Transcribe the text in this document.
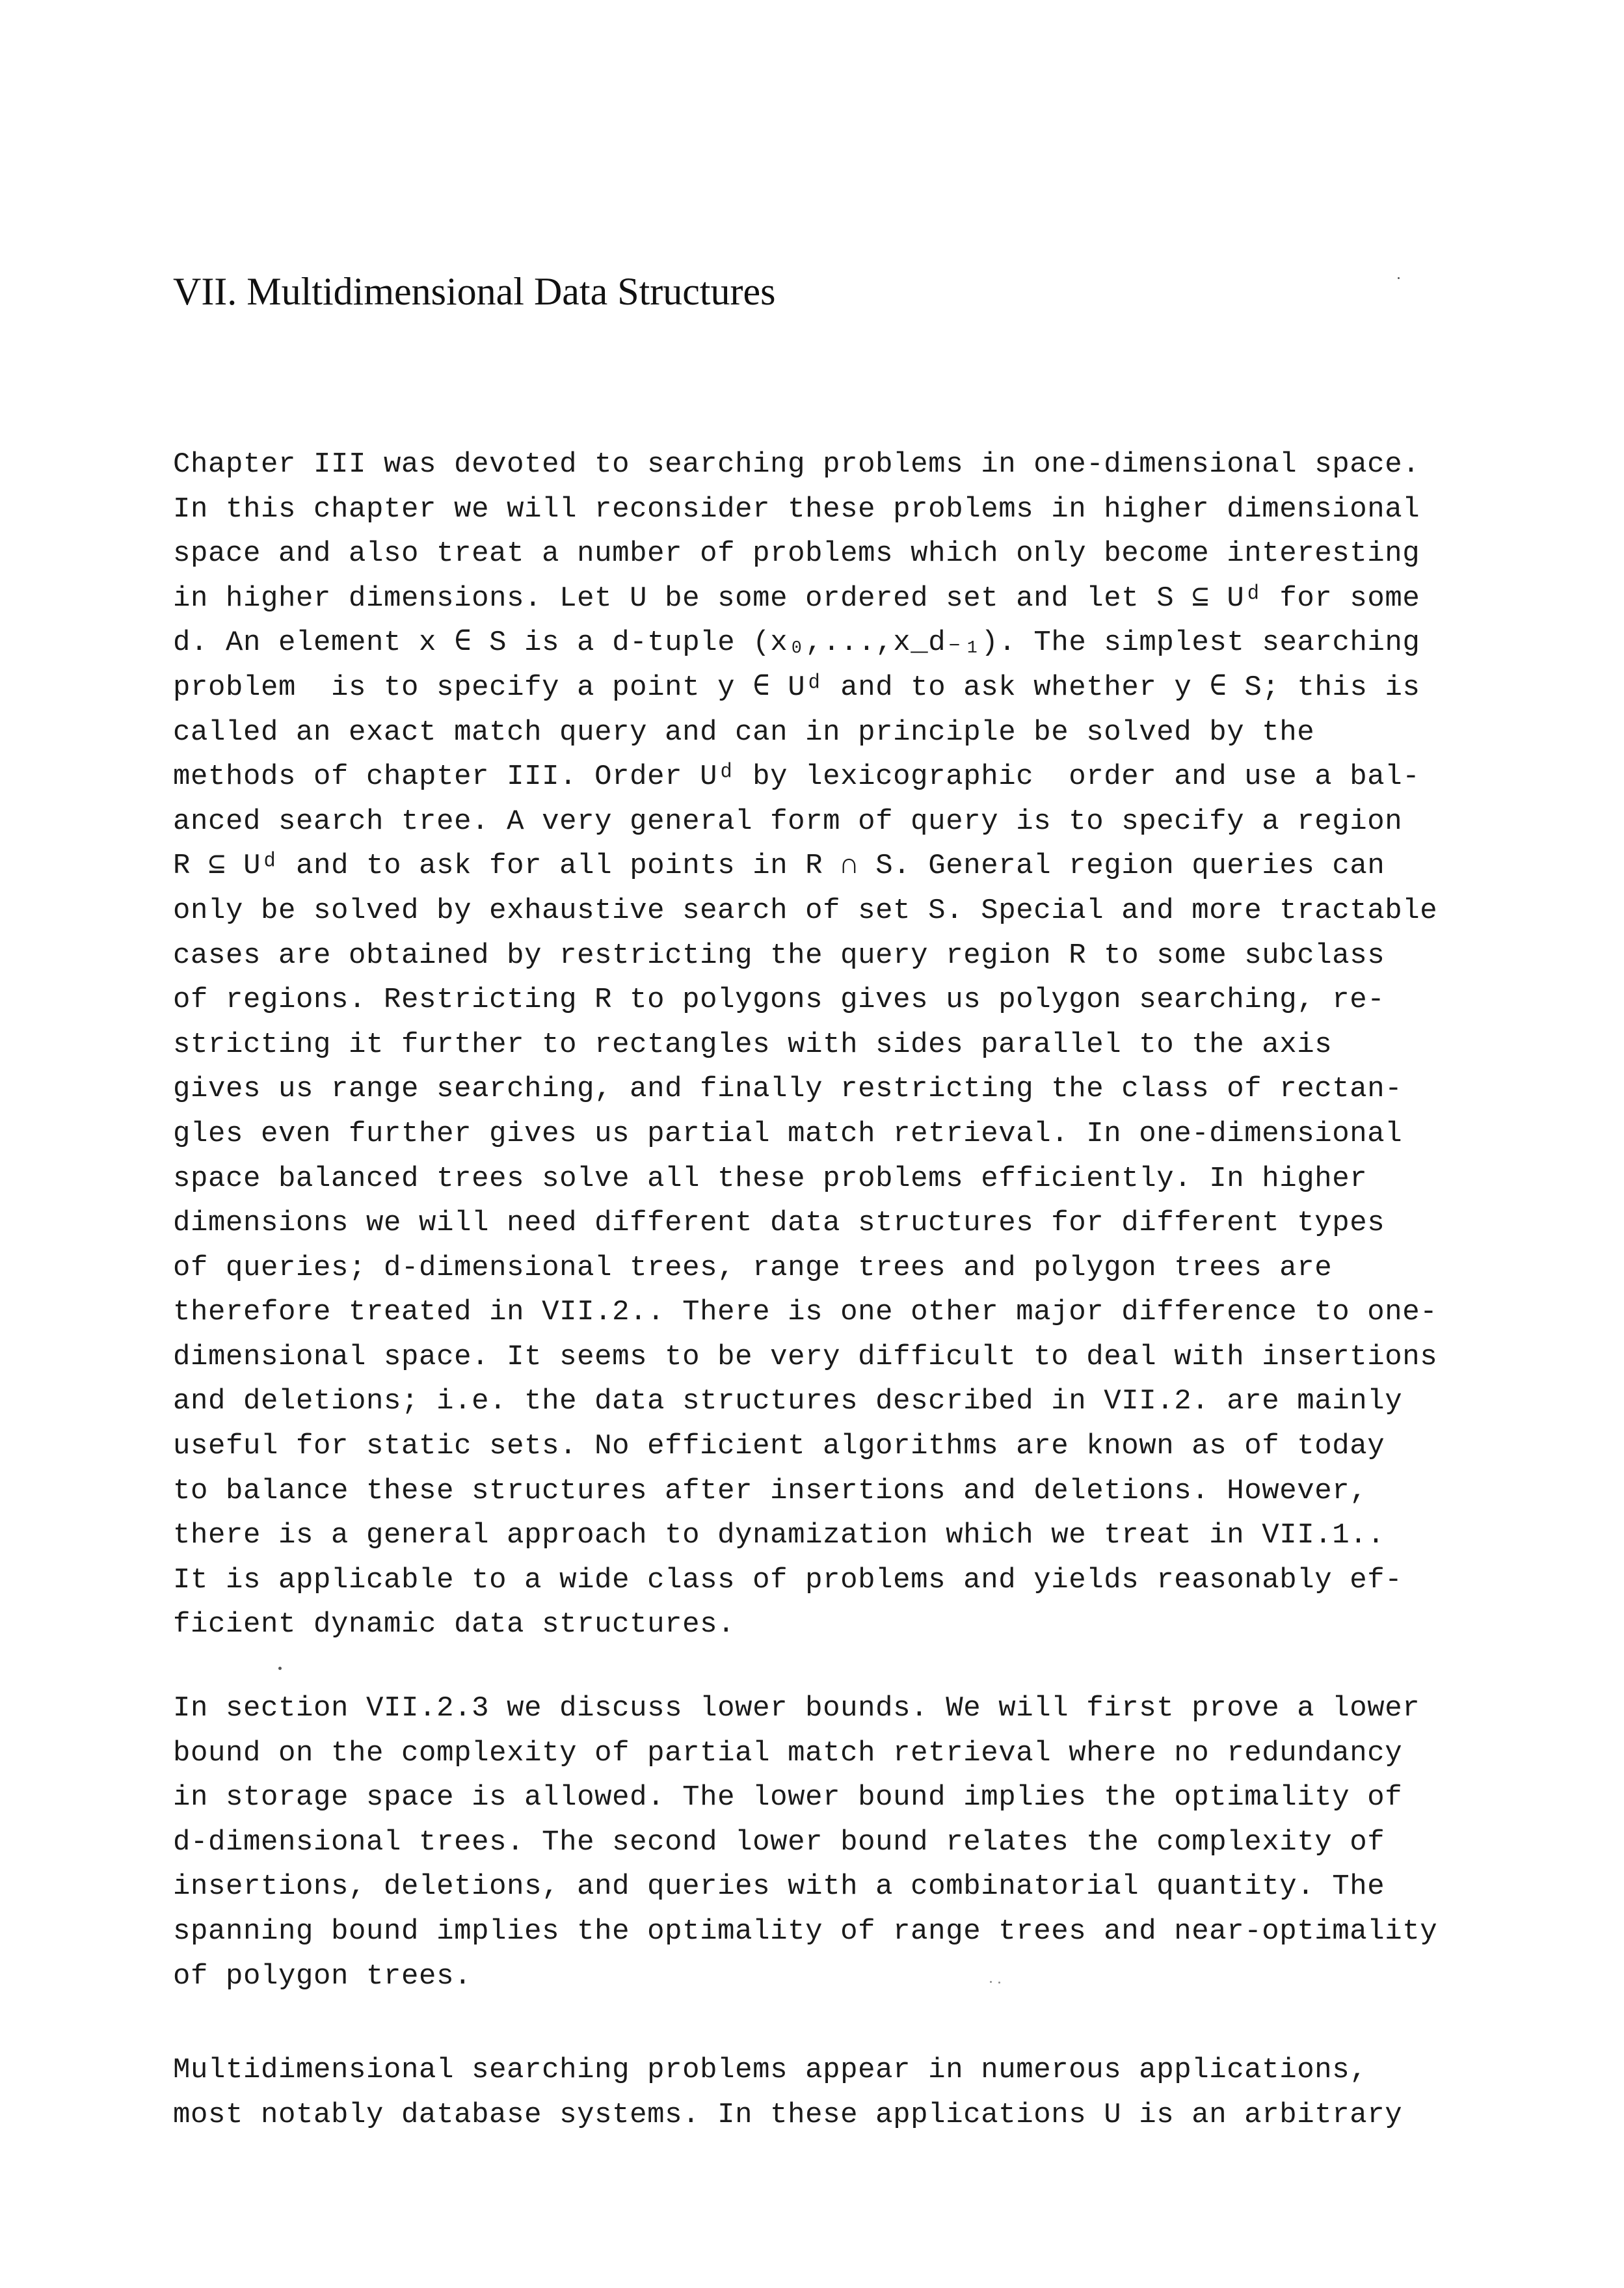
VII. Multidimensional Data Structures
Chapter III was devoted to searching problems in one-dimensional space.
In this chapter we will reconsider these problems in higher dimensional
space and also treat a number of problems which only become interesting
in higher dimensions. Let U be some ordered set and let S ⊆ Uᵈ for some
d. An element x ∈ S is a d-tuple (x₀,...,x_d₋₁). The simplest searching
problem  is to specify a point y ∈ Uᵈ and to ask whether y ∈ S; this is
called an exact match query and can in principle be solved by the
methods of chapter III. Order Uᵈ by lexicographic  order and use a bal-
anced search tree. A very general form of query is to specify a region
R ⊆ Uᵈ and to ask for all points in R ∩ S. General region queries can
only be solved by exhaustive search of set S. Special and more tractable
cases are obtained by restricting the query region R to some subclass
of regions. Restricting R to polygons gives us polygon searching, re-
stricting it further to rectangles with sides parallel to the axis
gives us range searching, and finally restricting the class of rectan-
gles even further gives us partial match retrieval. In one-dimensional
space balanced trees solve all these problems efficiently. In higher
dimensions we will need different data structures for different types
of queries; d-dimensional trees, range trees and polygon trees are
therefore treated in VII.2.. There is one other major difference to one-
dimensional space. It seems to be very difficult to deal with insertions
and deletions; i.e. the data structures described in VII.2. are mainly
useful for static sets. No efficient algorithms are known as of today
to balance these structures after insertions and deletions. However,
there is a general approach to dynamization which we treat in VII.1..
It is applicable to a wide class of problems and yields reasonably ef-
ficient dynamic data structures.
In section VII.2.3 we discuss lower bounds. We will first prove a lower
bound on the complexity of partial match retrieval where no redundancy
in storage space is allowed. The lower bound implies the optimality of
d-dimensional trees. The second lower bound relates the complexity of
insertions, deletions, and queries with a combinatorial quantity. The
spanning bound implies the optimality of range trees and near-optimality
of polygon trees.
Multidimensional searching problems appear in numerous applications,
most notably database systems. In these applications U is an arbitrary
